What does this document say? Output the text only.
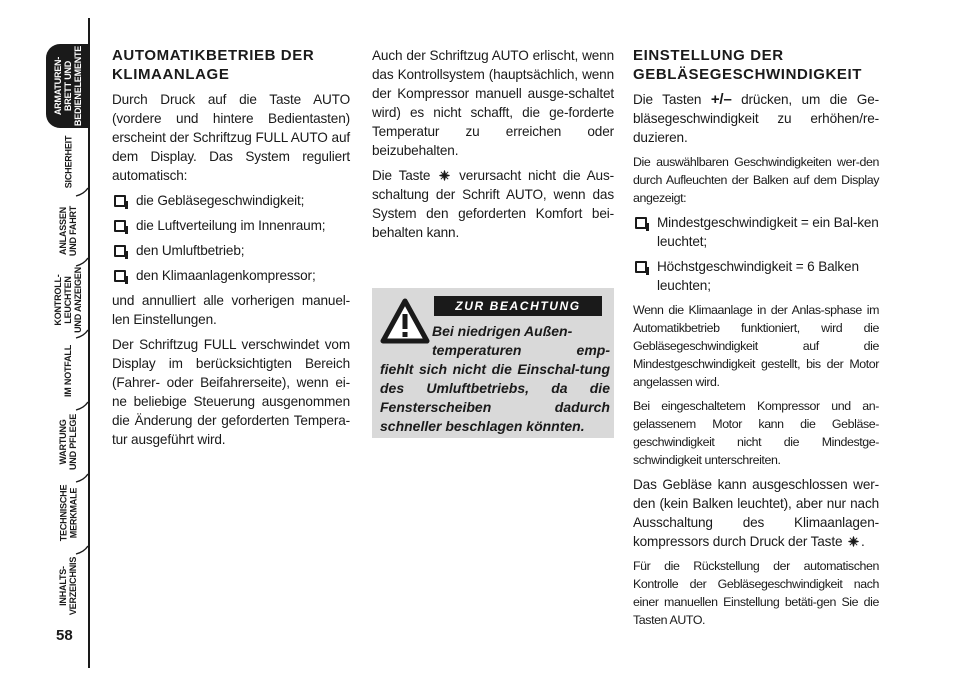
ARMATUREN-
BRETT UND
BEDIENELEMENTE
SICHERHEIT
ANLASSEN
UND FAHRT
KONTROLL-
LEUCHTEN
UND ANZEIGEN
IM NOTFALL
WARTUNG
UND PFLEGE
TECHNISCHE
MERKMALE
INHALTS-
VERZEICHNIS
58
AUTOMATIKBETRIEB DER KLIMAANLAGE

Durch Druck auf die Taste AUTO (vordere und hintere Bedientasten) erscheint der Schriftzug FULL AUTO auf dem Display. Das System reguliert automatisch:

die Gebläsegeschwindigkeit;
die Luftverteilung im Innenraum;
den Umluftbetrieb;
den Klimaanlagenkompressor;

und annulliert alle vorherigen manuel-len Einstellungen.

Der Schriftzug FULL verschwindet vom Display im berücksichtigten Bereich (Fahrer- oder Beifahrerseite), wenn ei-ne beliebige Steuerung ausgenommen die Änderung der geforderten Tempera-tur ausgeführt wird.

Auch der Schriftzug AUTO erlischt, wenn das Kontrollsystem (hauptsächlich, wenn der Kompressor manuell ausge-schaltet wird) es nicht schafft, die ge-forderte Temperatur zu erreichen oder beizubehalten.

Die Taste verursacht nicht die Aus-schaltung der Schrift AUTO, wenn das System den geforderten Komfort bei-behalten kann.

ZUR BEACHTUNG
Bei niedrigen Außen-
temperaturen emp-
fiehlt sich nicht die Einschal-tung des Umluftbetriebs, da die Fensterscheiben dadurch schneller beschlagen könnten.
EINSTELLUNG DER GEBLÄSEGESCHWINDIGKEIT

Die Tasten +/– drücken, um die Ge-bläsegeschwindigkeit zu erhöhen/re-duzieren.

Die auswählbaren Geschwindigkeiten wer-den durch Aufleuchten der Balken auf dem Display angezeigt:

Mindestgeschwindigkeit = ein Bal-ken leuchtet;
Höchstgeschwindigkeit = 6 Balken leuchten;

Wenn die Klimaanlage in der Anlas-sphase im Automatikbetrieb funktioniert, wird die Gebläsegeschwindigkeit auf die Mindestgeschwindigkeit gestellt, bis der Motor angelassen wird.

Bei eingeschaltetem Kompressor und an-gelassenem Motor kann die Gebläse-geschwindigkeit nicht die Mindestge-schwindigkeit unterschreiten.

Das Gebläse kann ausgeschlossen wer-den (kein Balken leuchtet), aber nur nach Ausschaltung des Klimaanlagen-kompressors durch Druck der Taste .

Für die Rückstellung der automatischen Kontrolle der Gebläsegeschwindigkeit nach einer manuellen Einstellung betäti-gen Sie die Tasten AUTO.
